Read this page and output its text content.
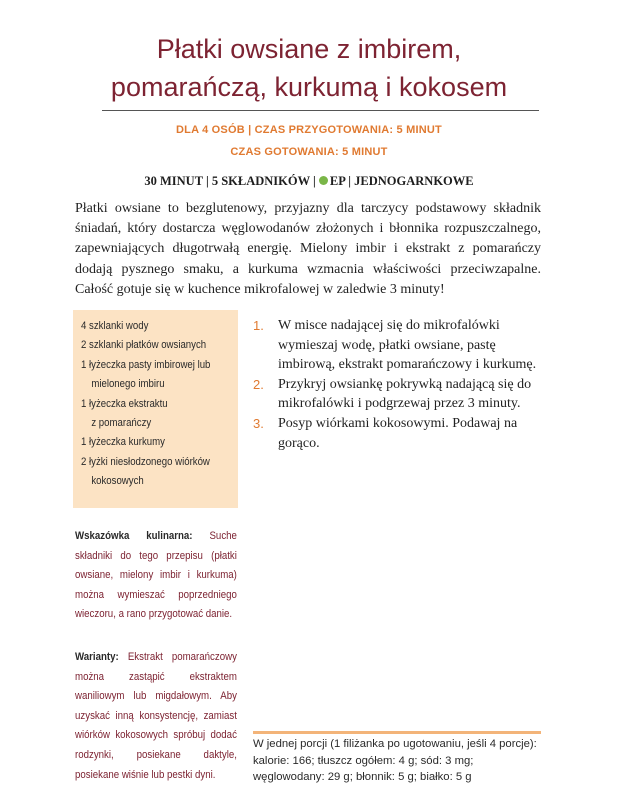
Płatki owsiane z imbirem,
pomarańczą, kurkumą i kokosem
DLA 4 OSÓB | CZAS PRZYGOTOWANIA: 5 MINUT
CZAS GOTOWANIA: 5 MINUT
30 MINUT | 5 SKŁADNIKÓW | EP | JEDNOGARNKOWE

Płatki owsiane to bezglutenowy, przyjazny dla tarczycy podstawowy składnik śniadań, który dostarcza węglowodanów złożonych i błonnika rozpuszczalnego, zapewniających długotrwałą energię. Mielony imbir i ekstrakt z pomarańczy dodają pysznego smaku, a kurkuma wzmacnia właściwości przeciwzapalne. Całość gotuje się w kuchence mikrofalowej w zaledwie 3 minuty!

4 szklanki wody
2 szklanki płatków owsianych
1 łyżeczka pasty imbirowej lub
mielonego imbiru
1 łyżeczka ekstraktu
z pomarańczy
1 łyżeczka kurkumy
2 łyżki niesłodzonego wiórków
kokosowych
1. W misce nadającej się do mikrofalówki wymieszaj wodę, płatki owsiane, pastę imbirową, ekstrakt pomarańczowy i kurkumę.
2. Przykryj owsiankę pokrywką nadającą się do mikrofalówki i podgrzewaj przez 3 minuty.
3. Posyp wiórkami kokosowymi. Podawaj na gorąco.

Wskazówka kulinarna: Suche składniki do tego przepisu (płatki owsiane, mielony imbir i kurkuma) można wymieszać poprzedniego wieczoru, a rano przygotować danie.

Warianty: Ekstrakt pomarańczowy można zastąpić ekstraktem waniliowym lub migdałowym. Aby uzyskać inną konsystencję, zamiast wiórków kokosowych spróbuj dodać rodzynki, posiekane daktyle, posiekane wiśnie lub pestki dyni.

W jednej porcji (1 filiżanka po ugotowaniu, jeśli 4 porcje):
kalorie: 166; tłuszcz ogółem: 4 g; sód: 3 mg;
węglowodany: 29 g; błonnik: 5 g; białko: 5 g
